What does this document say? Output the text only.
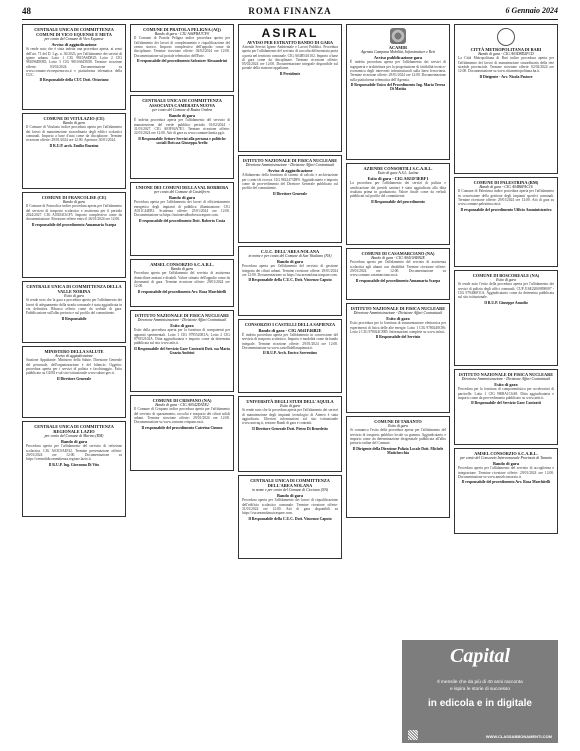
48	ROMA FINANZA	6 Gennaio 2024
CENTRALE UNICA DI COMMITTENZA COMUNI DI VICO EQUENSE E META
per conto del Comune di Vico Equense
Avviso di aggiudicazione
Si rende noto che è stata indetta una procedura aperta, ai sensi dell'art. 71 del D. Lgs. n. 36/2023, per l'affidamento dei servizi di igiene urbana. Lotto 1 CIG 9810A6DE25; Lotto 2 CIG 981096DE8D; Lotto 3 CIG 9810A6D5D8. Termine ricezione offerte: 03/02/2024. Documentazione su www.comune.vicoequense.na.it e piattaforma telematica della CUC.
Il Responsabile della CUC Dott. Ottaviano
COMUNE DI VITULAZIO (CE)
Bando di gara
Il Comune di Vitulazio indice procedura aperta per l'affidamento dei lavori di manutenzione straordinaria degli edifici scolastici comunali. Importo a base d'asta come da disciplinare. Termine ricezione offerte: 29/01/2024 ore 12:00. Apertura: 30/01/2024.
Il R.U.P. arch. Emilio Ruzzino
COMUNE DI FRANCOLISE (CE)
Bando di gara
Il Comune di Francolise indice procedura aperta per l'affidamento del servizio di trasporto scolastico e assistenza per il periodo 2024/2027. CIG A03D4C61F5. Importo complessivo come da documentazione. Ricezione offerte entro il 26/01/2024 ore 12:00.
Il responsabile del procedimento Annamaria Scarpa
CENTRALE UNICA DI COMMITTENZA DELLA VALLE NORINA
Esito di gara
Si rende noto che la gara a procedura aperta per l'affidamento dei lavori di adeguamento della strada comunale è stata aggiudicata in via definitiva. Ribasso offerto come da verbale di gara. Pubblicazione sull'albo pretorio e sul profilo del committente.
Il Responsabile
MINISTERO DELLA SALUTE
Avviso di aggiudicazione
Stazione Appaltante: Ministero della Salute, Direzione Generale del personale, dell'organizzazione e del bilancio. Oggetto: procedura aperta per i servizi di pulizia e facchinaggio. Esito pubblicato su GURI e sul sito istituzionale www.salute.gov.it.
Il Direttore Generale
CENTRALE UNICA DI COMMITTENZA REGIONALE LAZIO
per conto del Comune di Marino (RM)
Bando di gara
Procedura aperta per l'affidamento del servizio di refezione scolastica. CIG A03C0A4F42. Termine presentazione offerte: 29/01/2024 ore 12:00. Documentazione su https://centralidicommittenza.regione.lazio.it.
Il R.U.P. Ing. Giovanna Di Vito
COMUNE DI PRATOLA PELIGNA (AQ)
Bando di gara - CIG A04FBA7CF0
Il Comune di Pratola Peligna indice procedura aperta per l'affidamento dei lavori di completamento e riqualificazione del centro storico. Importo complessivo dell'appalto come da disciplinare. Termine ricezione offerte: 02/02/2024 ore 12:00. Documentazione sul portale telematico dell'Ente.
Il responsabile del procedimento Salvatore Alessandrini
CENTRALE UNICA DI COMMITTENZA ASSOCIATA CAMERATA NUOVA
per conto del Comune di Bastia Umbra
Bando di gara
È indetta procedura aperta per l'affidamento del servizio di manutenzione del verde pubblico periodo 01/02/2024 - 31/01/2027. CIG A03F04A7E1. Termine ricezione offerte: 22/01/2024 ore 12:00. Atti di gara su www.comune.bastia.pg.it.
Il Responsabile Settore Servizi alla persona e politiche sociali Dott.ssa Giuseppa Arelio
UNIONE DEI COMUNI DELLA VAL BORBERA
per conto del Comune di Castelferro
Bando di gara
Procedura aperta per l'affidamento dei lavori di efficientamento energetico degli impianti di pubblica illuminazione. CIG A031C44EB1. Scadenza offerte: 25/01/2024 ore 12:00. Documentazione su https://unionevalborbera.traspare.com.
Il responsabile del procedimento Dott. Roberto Costa
AMSEL CONSORZIO S.C.A.R.L.
Bando di gara
Procedura aperta per l'affidamento del servizio di assistenza domiciliare anziani e disabili. Valore stimato dell'appalto come da documenti di gara. Termine ricezione offerte: 29/01/2024 ore 12:00.
Il responsabile del procedimento Avv. Rosa Marchitelli
ISTITUTO NAZIONALE DI FISICA NUCLEARE
Direzione Amministrazione - Divisione Affari Contrattuali
Esito di gara
Esito della procedura aperta per la fornitura di componenti per apparati sperimentali. Lotto 1 CIG 9795520E1A; Lotto 2 CIG 979552102A. Ditta aggiudicataria e importo come da determina pubblicata sul sito www.infn.it.
Il Responsabile del Servizio Gare Contratti Dott. ssa Maria Grazia Andrini
COMUNE DI CRISPANO (NA)
Bando di gara - CIG A0542DA5E2
Il Comune di Crispano indice procedura aperta per l'affidamento del servizio di spazzamento, raccolta e trasporto dei rifiuti solidi urbani. Termine ricezione offerte: 29/01/2024 ore 12:00. Documentazione su www.comune.crispano.na.it.
Il responsabile del procedimento Caterina Cimmo
ASIRAL
AVVISO PER ESTRATTO BANDO DI GARA
Azienda Servizi Igiene Ambientale e Lavori Pubblici. Procedura aperta per l'affidamento del servizio di raccolta differenziata porta a porta nel territorio comunale. CIG A04B54A102. Importo a base di gara come da disciplinare. Termine ricezione offerte: 05/02/2024 ore 12:00. Documentazione integrale disponibile sul portale della stazione appaltante.
Il Presidente
ISTITUTO NAZIONALE DI FISICA NUCLEARE
Direzione Amministrazione - Divisione Affari Contrattuali
Avviso di aggiudicazione
Affidamento della fornitura di sistemi di calcolo e archiviazione per i centri di ricerca. CIG 9822473DF0. Aggiudicatario e importo come da provvedimento del Direttore Generale pubblicato sul profilo del committente.
Il Direttore Generale
C.U.C. DELL'AREA NOLANA
in nome e per conto del Comune di San Vitaliano (NA)
Bando di gara
Procedura aperta per l'affidamento del servizio di gestione integrata dei rifiuti urbani. Termine ricezione offerte: 29/01/2024 ore 12:00. Documentazione su https://cucareanolana.traspare.com.
Il Responsabile della C.U.C. Dott. Vincenzo Caputo
CONSORZIO I CASTELLI DELLA SAPIENZA
Bando di gara - CIG A041F46B2E
È indetta procedura aperta per l'affidamento in concessione del servizio di trasporto scolastico. Importo e modalità come da bando integrale. Termine ricezione offerte: 29/01/2024 ore 12:00. Documentazione su www.castellidellasapienza.it.
Il R.U.P. Arch. Enrico Sorrentino
UNIVERSITÀ DEGLI STUDI DELL'AQUILA
Esito di gara
Si rende noto che la procedura aperta per l'affidamento dei servizi di manutenzione degli impianti tecnologici di Ateneo è stata aggiudicata. Ulteriori informazioni sul sito istituzionale www.univaq.it, sezione Bandi di gara e contratti.
Il Direttore Generale Dott. Pietro Di Benedetto
CENTRALE UNICA DI COMMITTENZA DELL'AREA NOLANA
in nome e per conto del Comune di Cicciano (NA)
Bando di gara
Procedura aperta per l'affidamento dei lavori di riqualificazione dell'edificio scolastico comunale. Termine ricezione offerte: 31/01/2024 ore 12:00. Atti di gara disponibili su https://cucareanolana.traspare.com.
Il Responsabile della C.U.C. Dott. Vincenzo Caputo
ACAMIR
Agenzia Campana Mobilità, Infrastrutture e Reti
Avviso pubblicazione gara
È indetta procedura aperta per l'affidamento dei servizi di ingegneria e architettura per la progettazione di fattibilità tecnico-economica degli interventi infrastrutturali sulla linea ferroviaria. Termine ricezione offerte: 29/01/2024 ore 12:00. Documentazione sulla piattaforma telematica dell'Agenzia.
Il Responsabile Unico del Procedimento Ing. Maria Teresa Di Mattia
AZIENDE CONSORTILI S.C.A.R.L.
Esito di gara A.S.L. Latina
Esito di gara - CIG A021F3EBF1
La procedura per l'affidamento dei servizi di pulizia e sanificazione dei presidi sanitari è stata aggiudicata alla ditta risultata prima in graduatoria. Valore finale come da verbali pubblicati sul profilo del committente.
Il Responsabile del procedimento
COMUNE DI CASAMARCIANO (NA)
Bando di gara - CIG A0410AEB2E
Procedura aperta per l'affidamento del servizio di assistenza scolastica agli alunni con disabilità. Termine ricezione offerte: 29/01/2024 ore 12:00. Documentazione su www.comune.casamarciano.na.it.
Il responsabile del procedimento Annamaria Scarpa
ISTITUTO NAZIONALE DI FISICA NUCLEARE
Direzione Amministrazione - Divisione Affari Contrattuali
Esito di gara
Esito procedura per la fornitura di strumentazione elettronica per esperimenti di fisica delle alte energie. Lotto 1 CIG 9780240C86; Lotto 2 CIG 978024C8B5. Informazioni complete su www.infn.it.
Il Responsabile del Servizio
COMUNE DI TARANTO
Esito di gara
Si comunica l'esito della procedura aperta per l'affidamento del servizio di trasporto pubblico locale su gomma. Aggiudicatario e importo come da determinazione dirigenziale pubblicata all'albo pretorio online del Comune.
Il Dirigente della Direzione Polizia Locale Dott. Michele Matichecchia
CITTÀ METROPOLITANA DI BARI
Bando di gara - CIG A03D8D2FCD
La Città Metropolitana di Bari indice procedura aperta per l'affidamento dei lavori di manutenzione straordinaria della rete stradale provinciale. Termine ricezione offerte: 02/02/2024 ore 12:00. Documentazione su www.cittametropolitana.ba.it.
Il Dirigente - Avv. Nicola Pastore
COMUNE DI PALESTRINA (RM)
Bando di gara - CIG A04B6FAC16
Il Comune di Palestrina indice procedura aperta per l'affidamento in concessione della gestione degli impianti sportivi comunali. Termine ricezione offerte: 29/01/2024 ore 12:00. Atti di gara su www.comune.palestrina.rm.it.
Il responsabile del procedimento Ufficio Amministrativo
COMUNE DI BOSCOREALE (NA)
Esito di gara
Si rende noto l'esito della procedura aperta per l'affidamento dei servizi di pulizia degli uffici comunali. CUP J16E22000890007 - CIG 979406F11A. Aggiudicatario come da determina pubblicata sul sito istituzionale.
Il R.U.P. Giuseppe Amodio
ISTITUTO NAZIONALE DI FISICA NUCLEARE
Direzione Amministrazione - Divisione Affari Contrattuali
Esito di gara
Procedura per la fornitura di componentistica per acceleratori di particelle. Lotto 1 CIG 9808A1C6A8. Ditta aggiudicataria e importo come da provvedimento pubblicato su www.infn.it.
Il Responsabile del Servizio Gare Contratti
AMSEL CONSORZIO S.C.A.R.L.
per conto del Consorzio Intercomunale Provincia di Taranto
Bando di gara
Procedura aperta per l'affidamento del servizio di accoglienza e integrazione. Termine ricezione offerte: 29/01/2024 ore 12:00. Documentazione su www.amselconsorzio.it.
Il responsabile del procedimento Avv. Rosa Marchitelli
Capital
Il mensile che da più di 40 anni racconta
e ispira le storie di successo
in edicola e in digitale
WWW.CLASSABBONAMENTI.COM
